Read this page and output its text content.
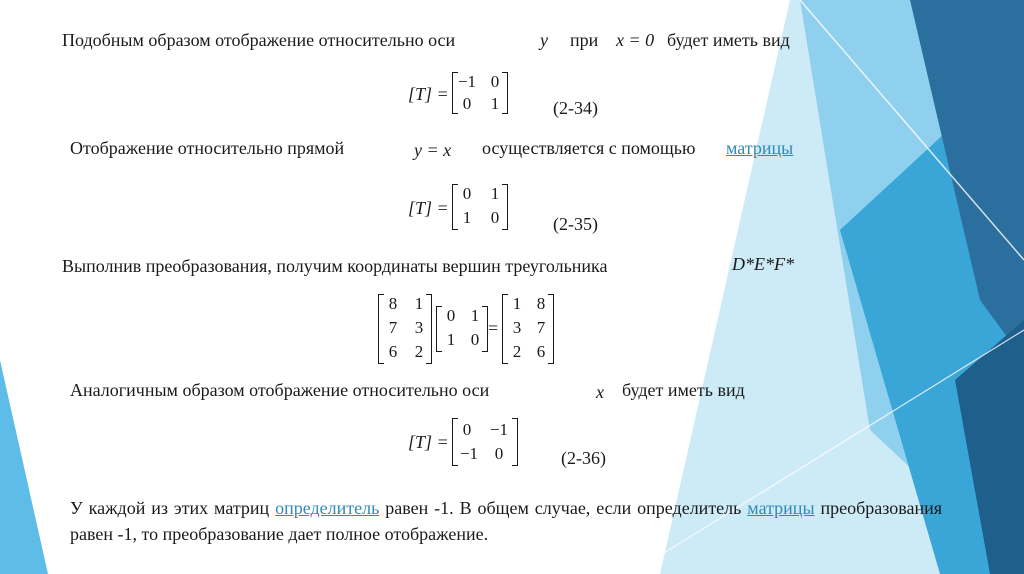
Подобным образом отображение относительно оси	y при x = 0 будет иметь вид
[T] =
−1 0
0	1	(2-34)
Отображение относительно прямой	y = x осуществляется с помощью матрицы
[T] =
0	1
1	0	(2-35)
Выполнив преобразования, получим координаты вершин треугольника	D*E*F*
8	1
7	3
6	2
0 1
1 0
=
1 8
3 7
2 6
Аналогичным образом отображение относительно оси	x будет иметь вид
[T] =
0	−1
−1 0	(2-36)
У каждой из этих матриц определитель равен -1. В общем случае, если определитель матрицы преобразования равен -1, то преобразование дает полное отображение.
